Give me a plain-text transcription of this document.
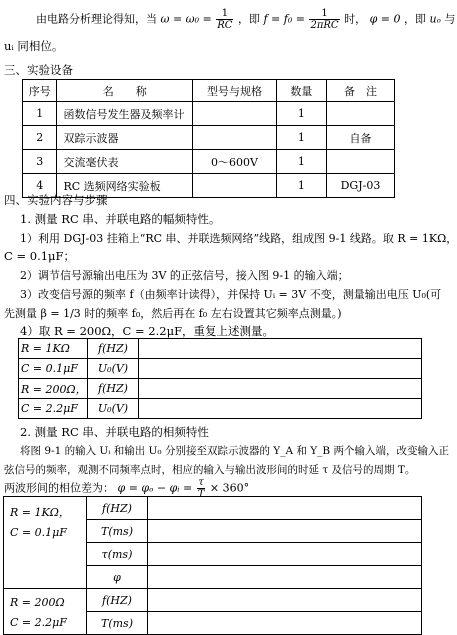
由电路分析理论得知，当 $\omega = \omega_0 = \frac{1}{RC}$ ，即 $f = f_0 = \frac{1}{\text{2πRC}}$ 时， φ = 0 ，即 uₒ 与
uᵢ 同相位。
三、实验设备
序号	名　　称	型号与规格	数量	备　注
1	函数信号发生器及频率计		1	
2	双踪示波器		1	自备
3	交流毫伏表	0～600V	1	
4	RC 选频网络实验板		1	DGJ-03
四、实验内容与步骤
1. 测量 RC 串、并联电路的幅频特性。
1）利用 DGJ-03 挂箱上“RC 串、并联选频网络”线路，组成图 9-1 线路。取 R = 1KΩ，
C = 0.1μF；
2）调节信号源输出电压为 3V 的正弦信号，接入图 9-1 的输入端；
3）改变信号源的频率 f（由频率计读得），并保持 Uᵢ = 3V 不变，测量输出电压 U₀(可
先测量 β = 1/3 时的频率 f₀，然后再在 f₀ 左右设置其它频率点测量。)
4）取 R = 200Ω，C = 2.2μF，重复上述测量。
R = 1KΩ	f(HZ)	
C = 0.1μF	U₀(V)	
R = 200Ω，	f(HZ)	
C = 2.2μF	U₀(V)	
2. 测量 RC 串、并联电路的相频特性
将图 9-1 的输入 Uᵢ 和输出 U₀ 分别接至双踪示波器的 Y_A 和 Y_B 两个输入端，改变输入正
弦信号的频率，观测不同频率点时，相应的输入与输出波形间的时延 τ 及信号的周期 T。
两波形间的相位差为： φ = φₒ − φᵢ = $\frac{\tau}{T} \times 360^\circ$
R = 1KΩ，
C = 0.1μF	f(HZ)	
	T(ms)	
	τ(ms)	
	φ	

R = 200Ω
C = 2.2μF	f(HZ)	
	T(ms)	
